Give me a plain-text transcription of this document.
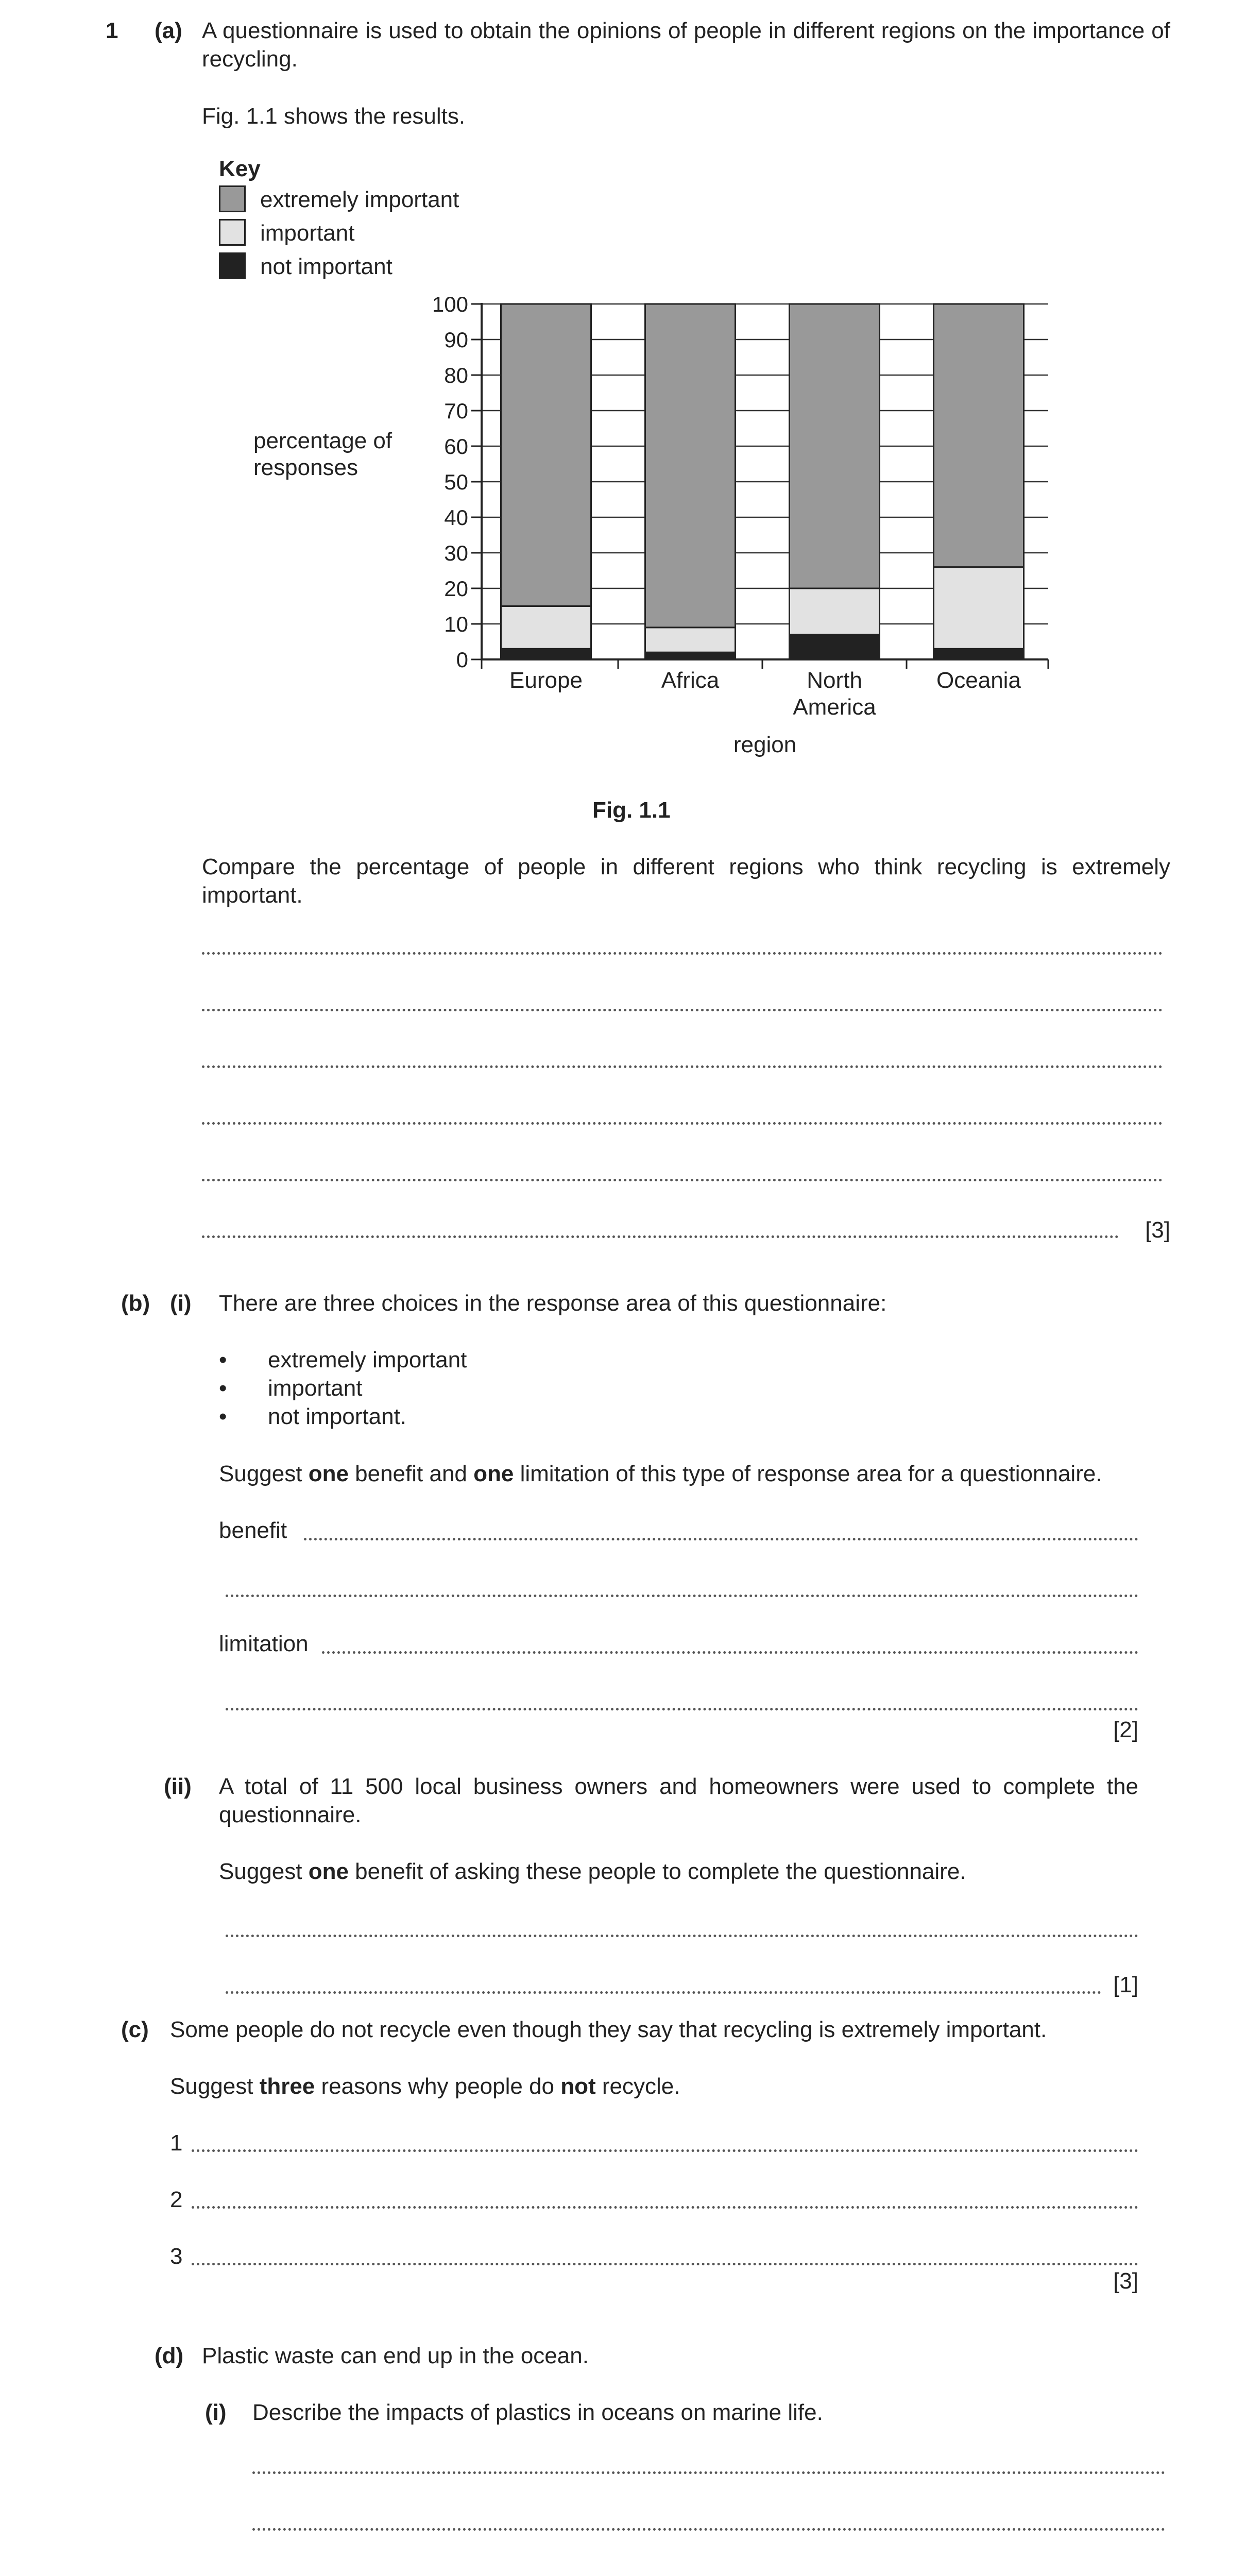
1 (a) A questionnaire is used to obtain the opinions of people in different regions on the importance of recycling.
Fig. 1.1 shows the results.
Key
extremely important
important
not important
0
10
20
30
40
50
60
70
80
90
100
Europe	Africa	North
America
Oceania
percentage of
responses
region
Fig. 1.1
Compare the percentage of people in different regions who think recycling is extremely important.
[3]
(b) (i) There are three choices in the response area of this questionnaire:
• extremely important
• important
• not important.
Suggest one benefit and one limitation of this type of response area for a questionnaire.
benefit
limitation
[2]
(ii) A total of 11 500 local business owners and homeowners were used to complete the questionnaire.
Suggest one benefit of asking these people to complete the questionnaire.
[1]
(c) Some people do not recycle even though they say that recycling is extremely important.
Suggest three reasons why people do not recycle.
1
2
3
[3]
(d) Plastic waste can end up in the ocean.
(i) Describe the impacts of plastics in oceans on marine life.
